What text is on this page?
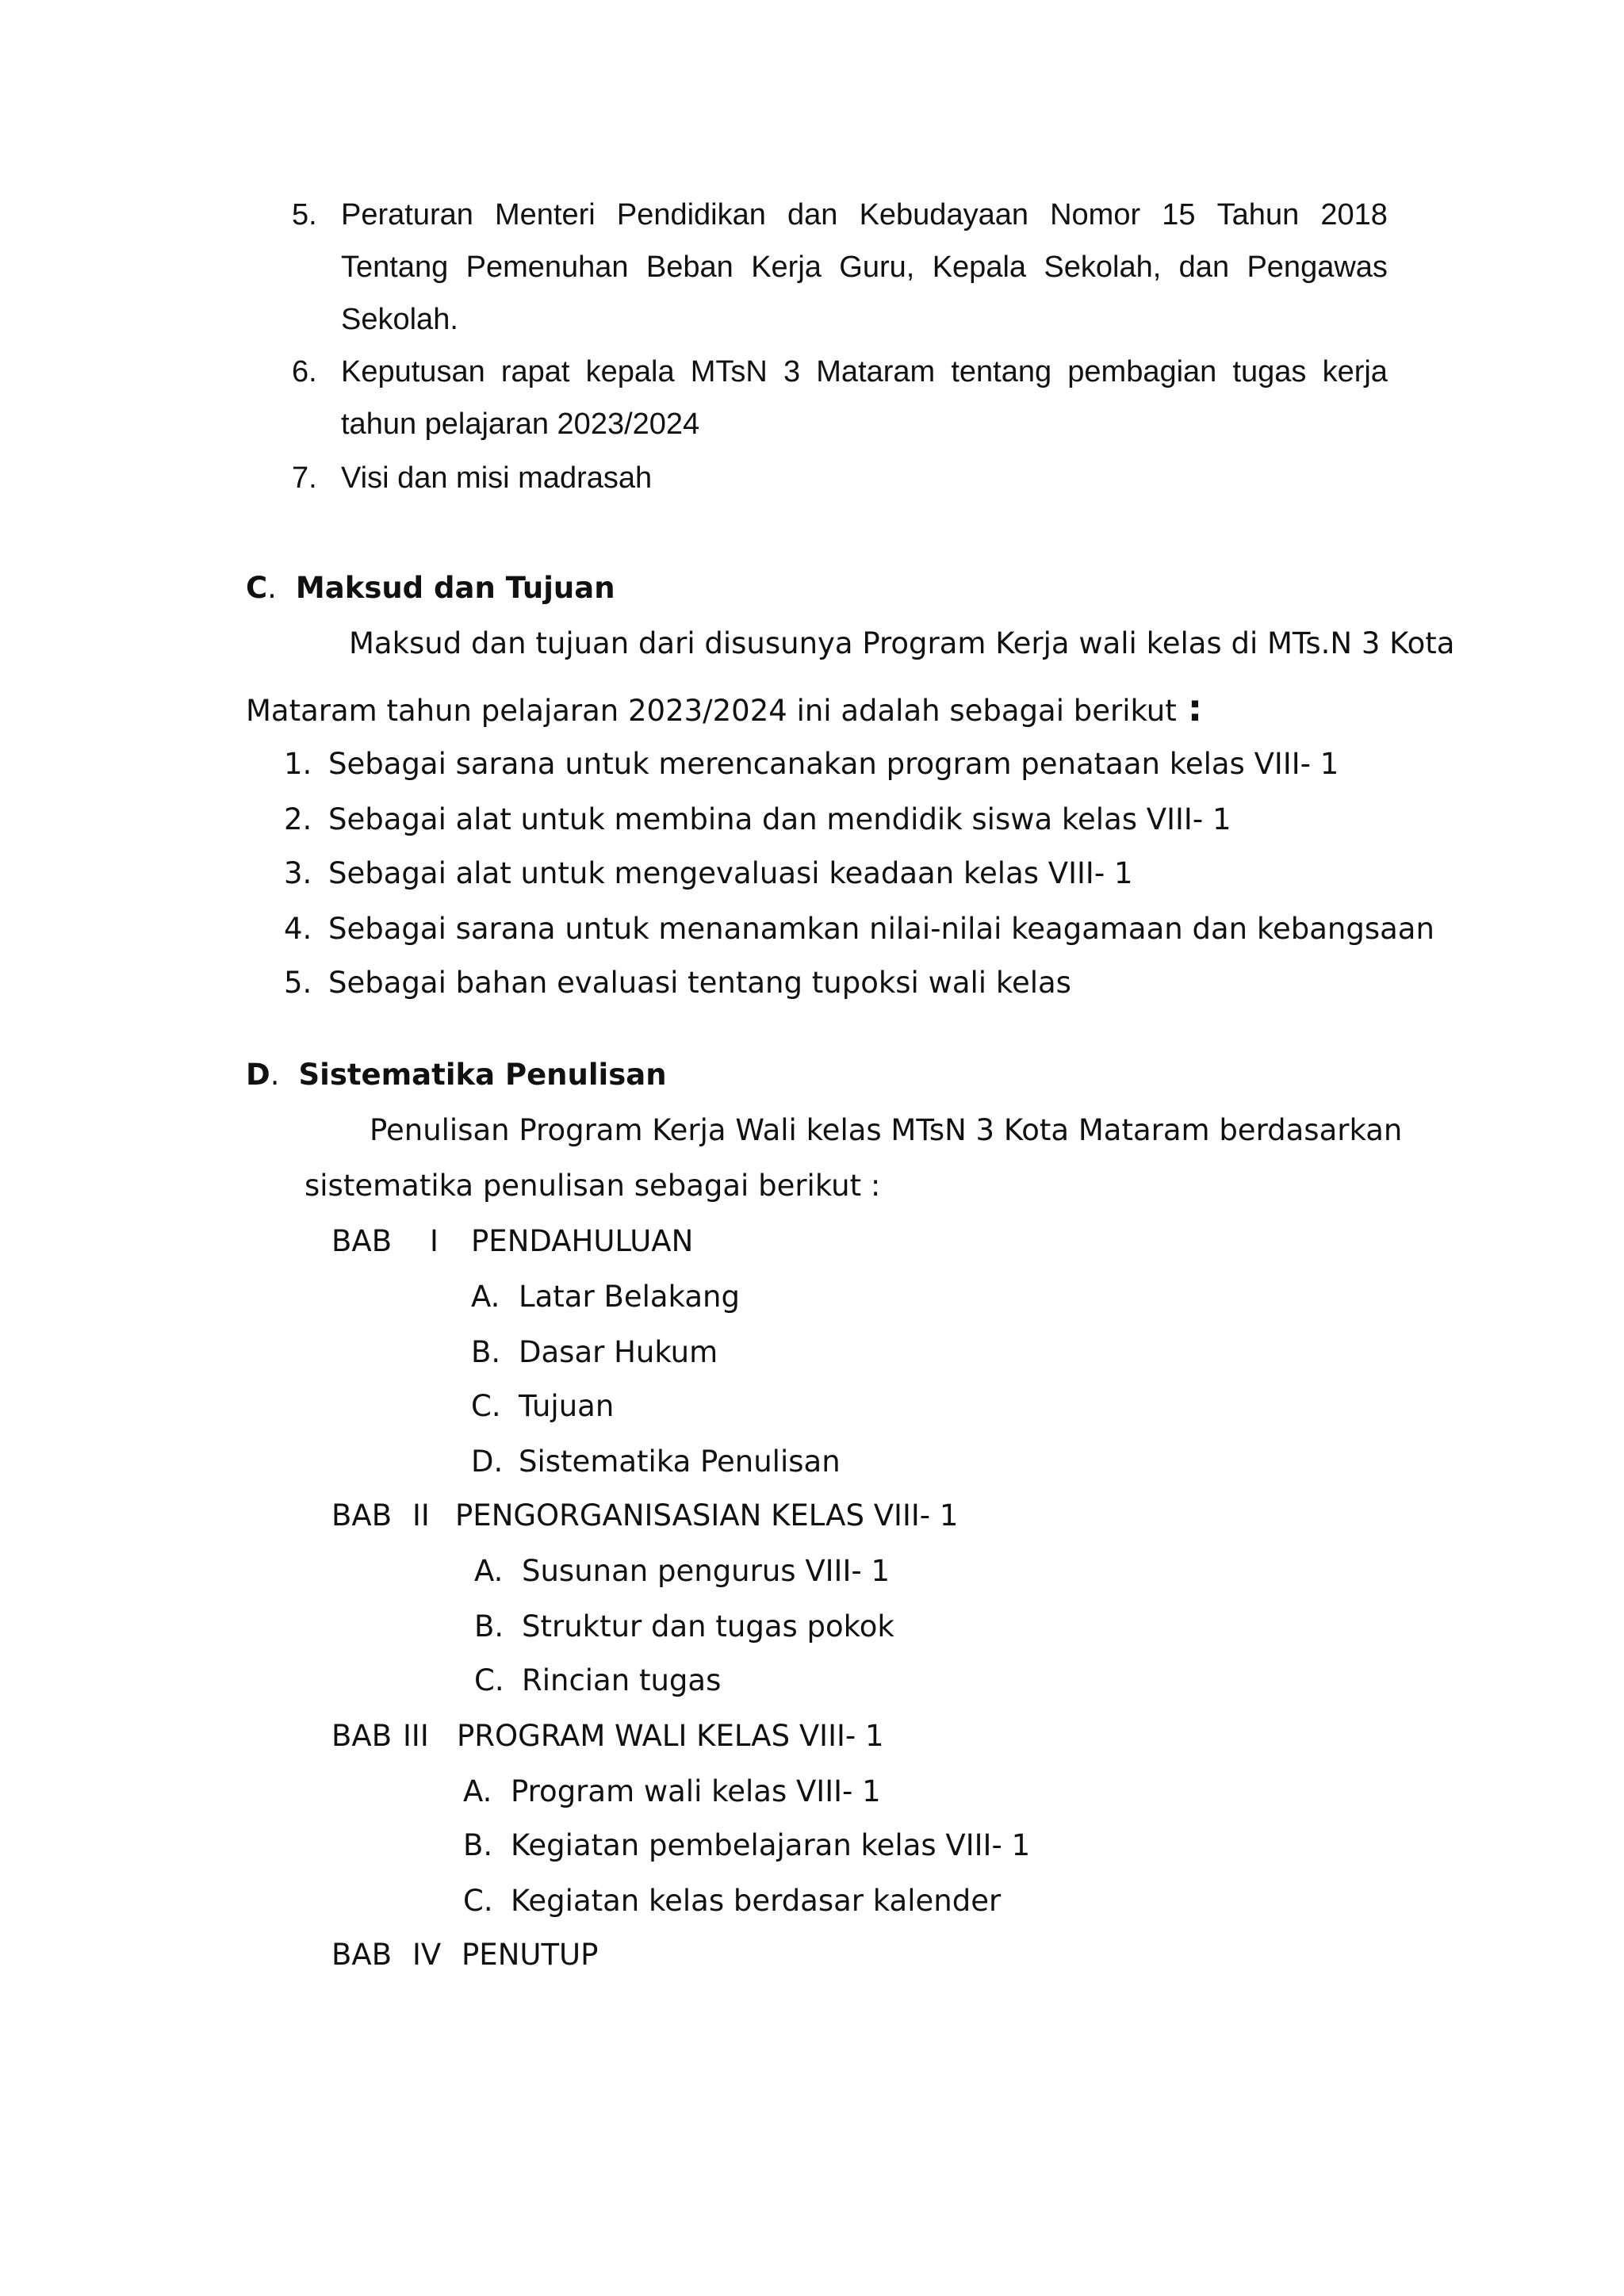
5. Peraturan Menteri Pendidikan dan Kebudayaan Nomor 15 Tahun 2018
Tentang Pemenuhan Beban Kerja Guru, Kepala Sekolah, dan Pengawas
Sekolah.
6. Keputusan rapat kepala MTsN 3 Mataram tentang pembagian tugas kerja
tahun pelajaran 2023/2024
7. Visi dan misi madrasah
C. Maksud dan Tujuan
Maksud dan tujuan dari disusunya Program Kerja wali kelas di MTs.N 3 Kota
Mataram tahun pelajaran 2023/2024 ini adalah sebagai berikut :
1. Sebagai sarana untuk merencanakan program penataan kelas VIII- 1
2. Sebagai alat untuk membina dan mendidik siswa kelas VIII- 1
3. Sebagai alat untuk mengevaluasi keadaan kelas VIII- 1
4. Sebagai sarana untuk menanamkan nilai-nilai keagamaan dan kebangsaan
5. Sebagai bahan evaluasi tentang tupoksi wali kelas
D. Sistematika Penulisan
Penulisan Program Kerja Wali kelas MTsN 3 Kota Mataram berdasarkan
sistematika penulisan sebagai berikut :
BAB I PENDAHULUAN
A. Latar Belakang
B. Dasar Hukum
C. Tujuan
D. Sistematika Penulisan
BAB II PENGORGANISASIAN KELAS VIII- 1
A. Susunan pengurus VIII- 1
B. Struktur dan tugas pokok
C. Rincian tugas
BAB III PROGRAM WALI KELAS VIII- 1
A. Program wali kelas VIII- 1
B. Kegiatan pembelajaran kelas VIII- 1
C. Kegiatan kelas berdasar kalender
BAB IV PENUTUP
